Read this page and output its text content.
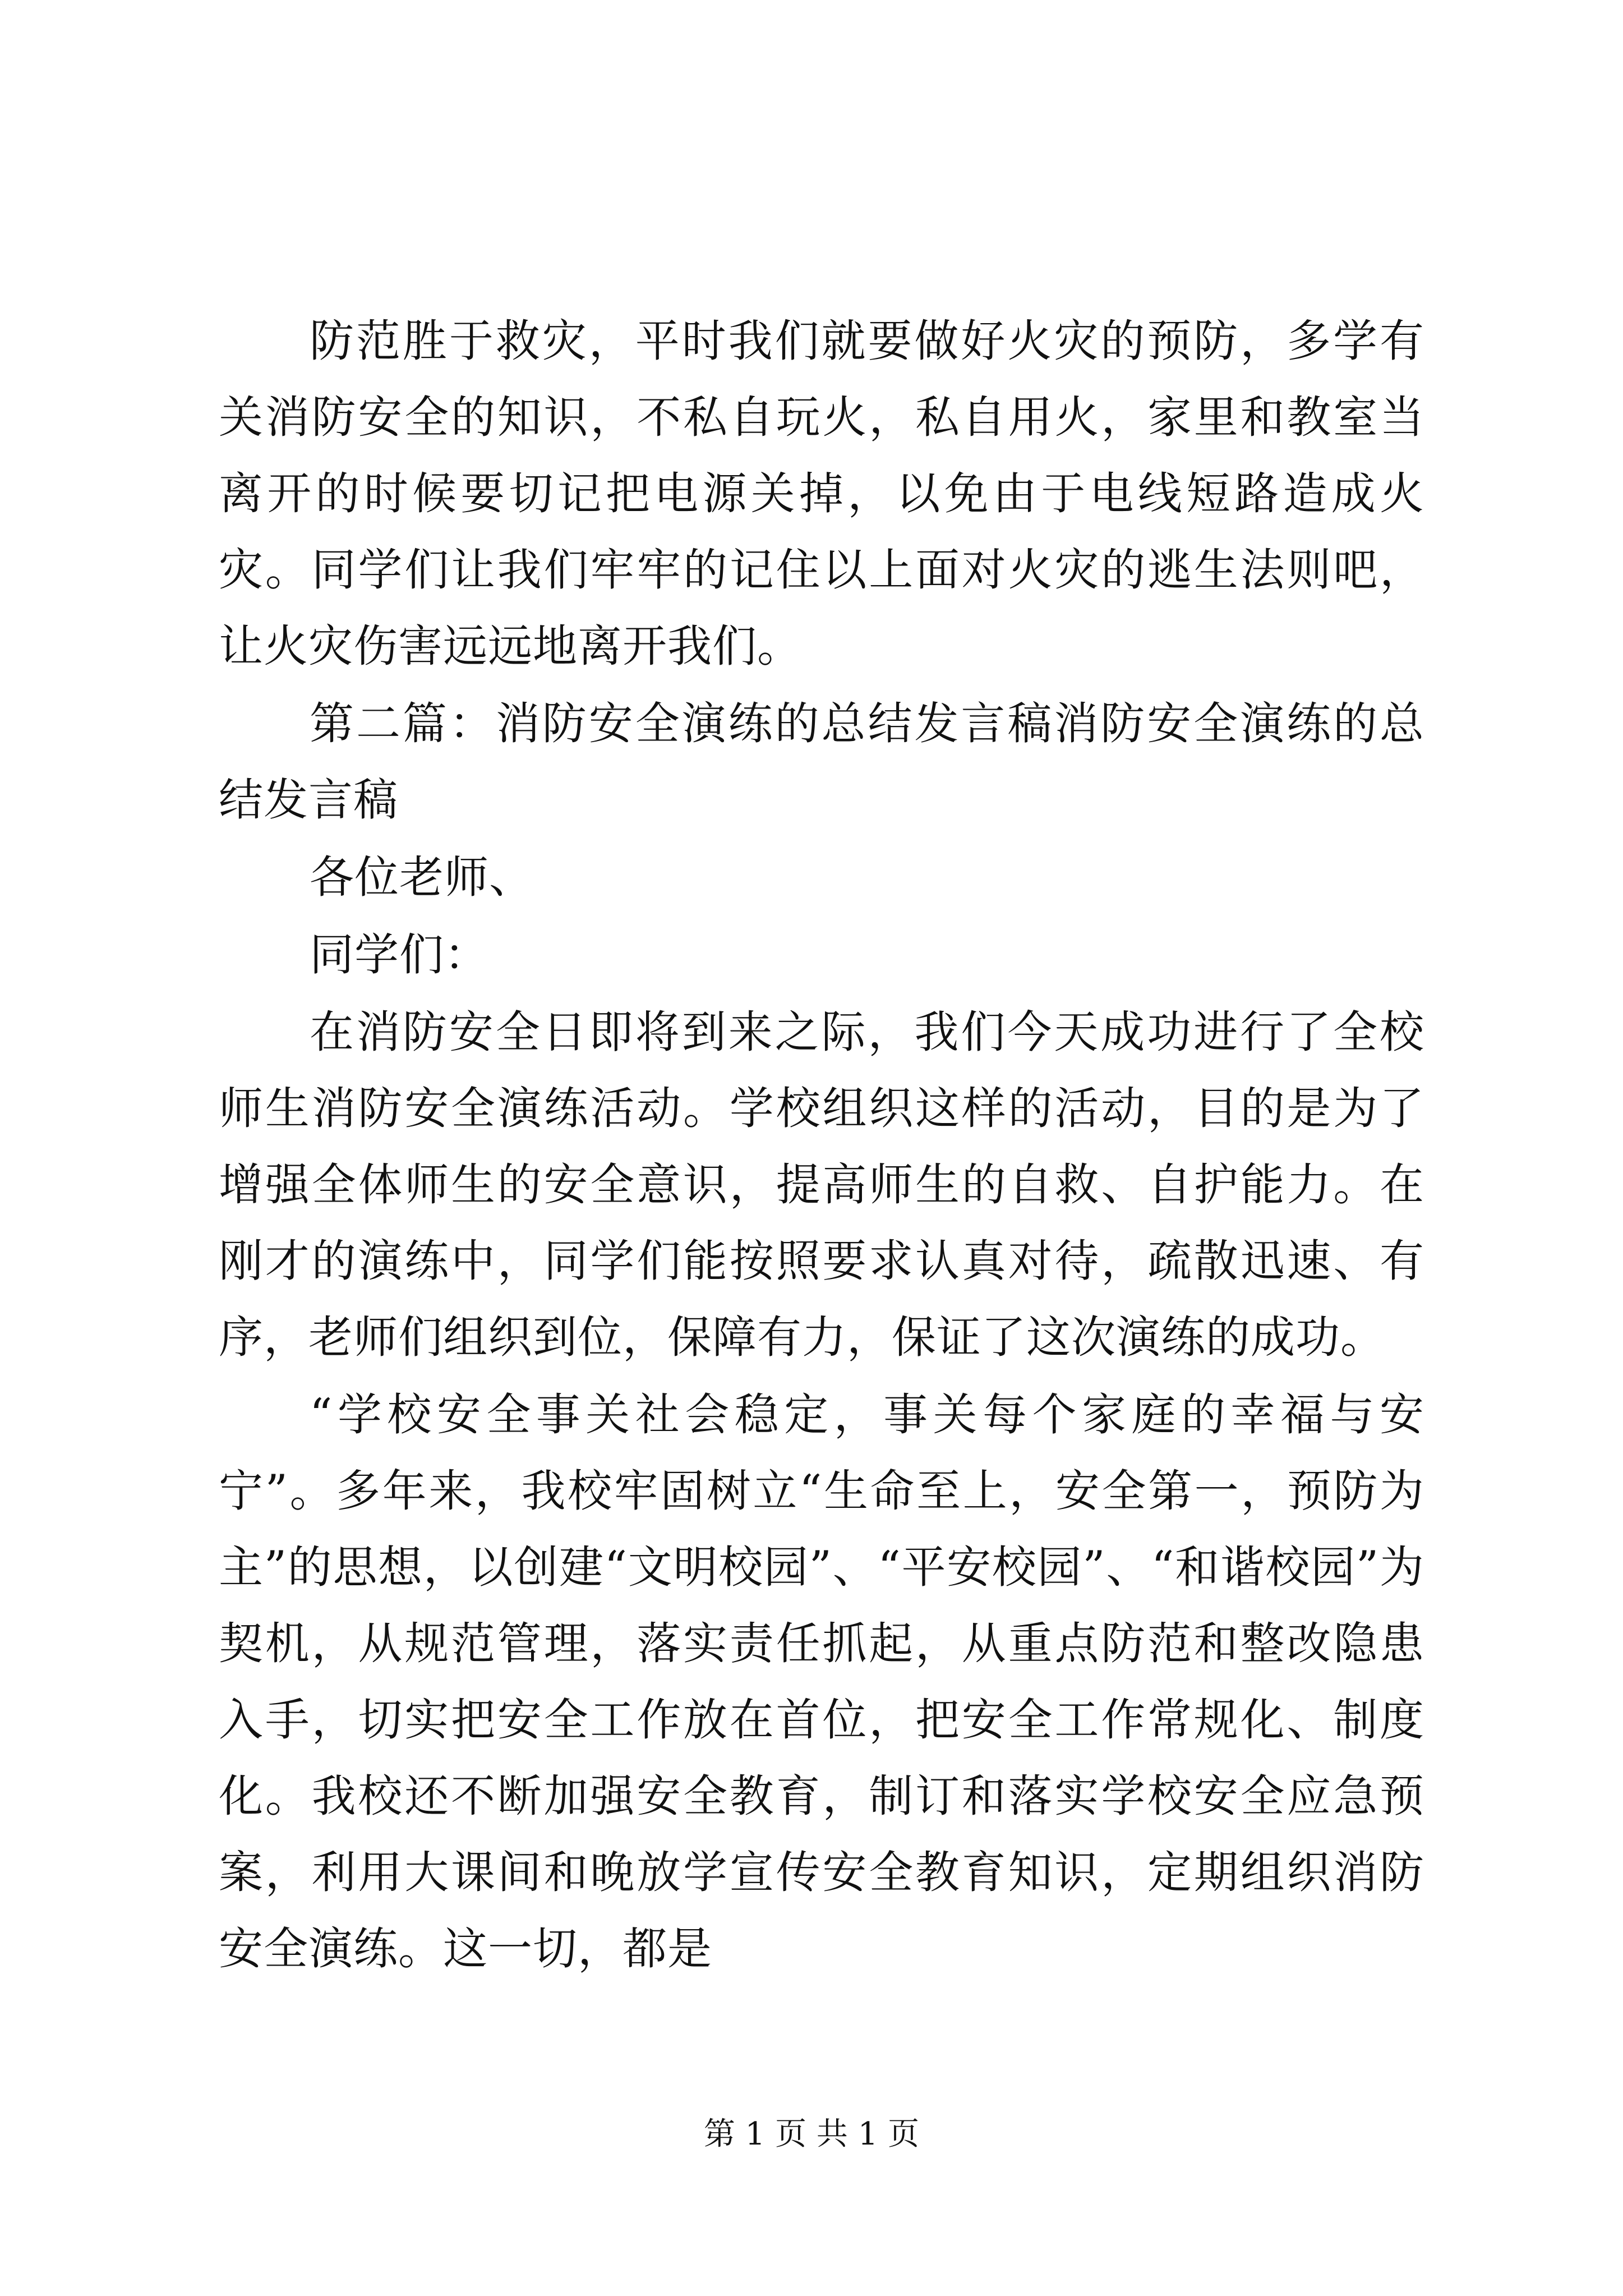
防范胜于救灾，平时我们就要做好火灾的预防，多学有关消防安全的知识，不私自玩火，私自用火，家里和教室当离开的时候要切记把电源关掉，以免由于电线短路造成火灾。同学们让我们牢牢的记住以上面对火灾的逃生法则吧，让火灾伤害远远地离开我们。

第二篇：消防安全演练的总结发言稿消防安全演练的总结发言稿

各位老师、

同学们：

在消防安全日即将到来之际，我们今天成功进行了全校师生消防安全演练活动。学校组织这样的活动，目的是为了增强全体师生的安全意识，提高师生的自救、自护能力。在刚才的演练中，同学们能按照要求认真对待，疏散迅速、有序，老师们组织到位，保障有力，保证了这次演练的成功。

“学校安全事关社会稳定，事关每个家庭的幸福与安宁”。多年来，我校牢固树立“生命至上，安全第一，预防为主”的思想，以创建“文明校园”、“平安校园”、“和谐校园”为契机，从规范管理，落实责任抓起，从重点防范和整改隐患入手，切实把安全工作放在首位，把安全工作常规化、制度化。我校还不断加强安全教育，制订和落实学校安全应急预案，利用大课间和晚放学宣传安全教育知识，定期组织消防安全演练。这一切，都是

第 1 页 共 1 页
